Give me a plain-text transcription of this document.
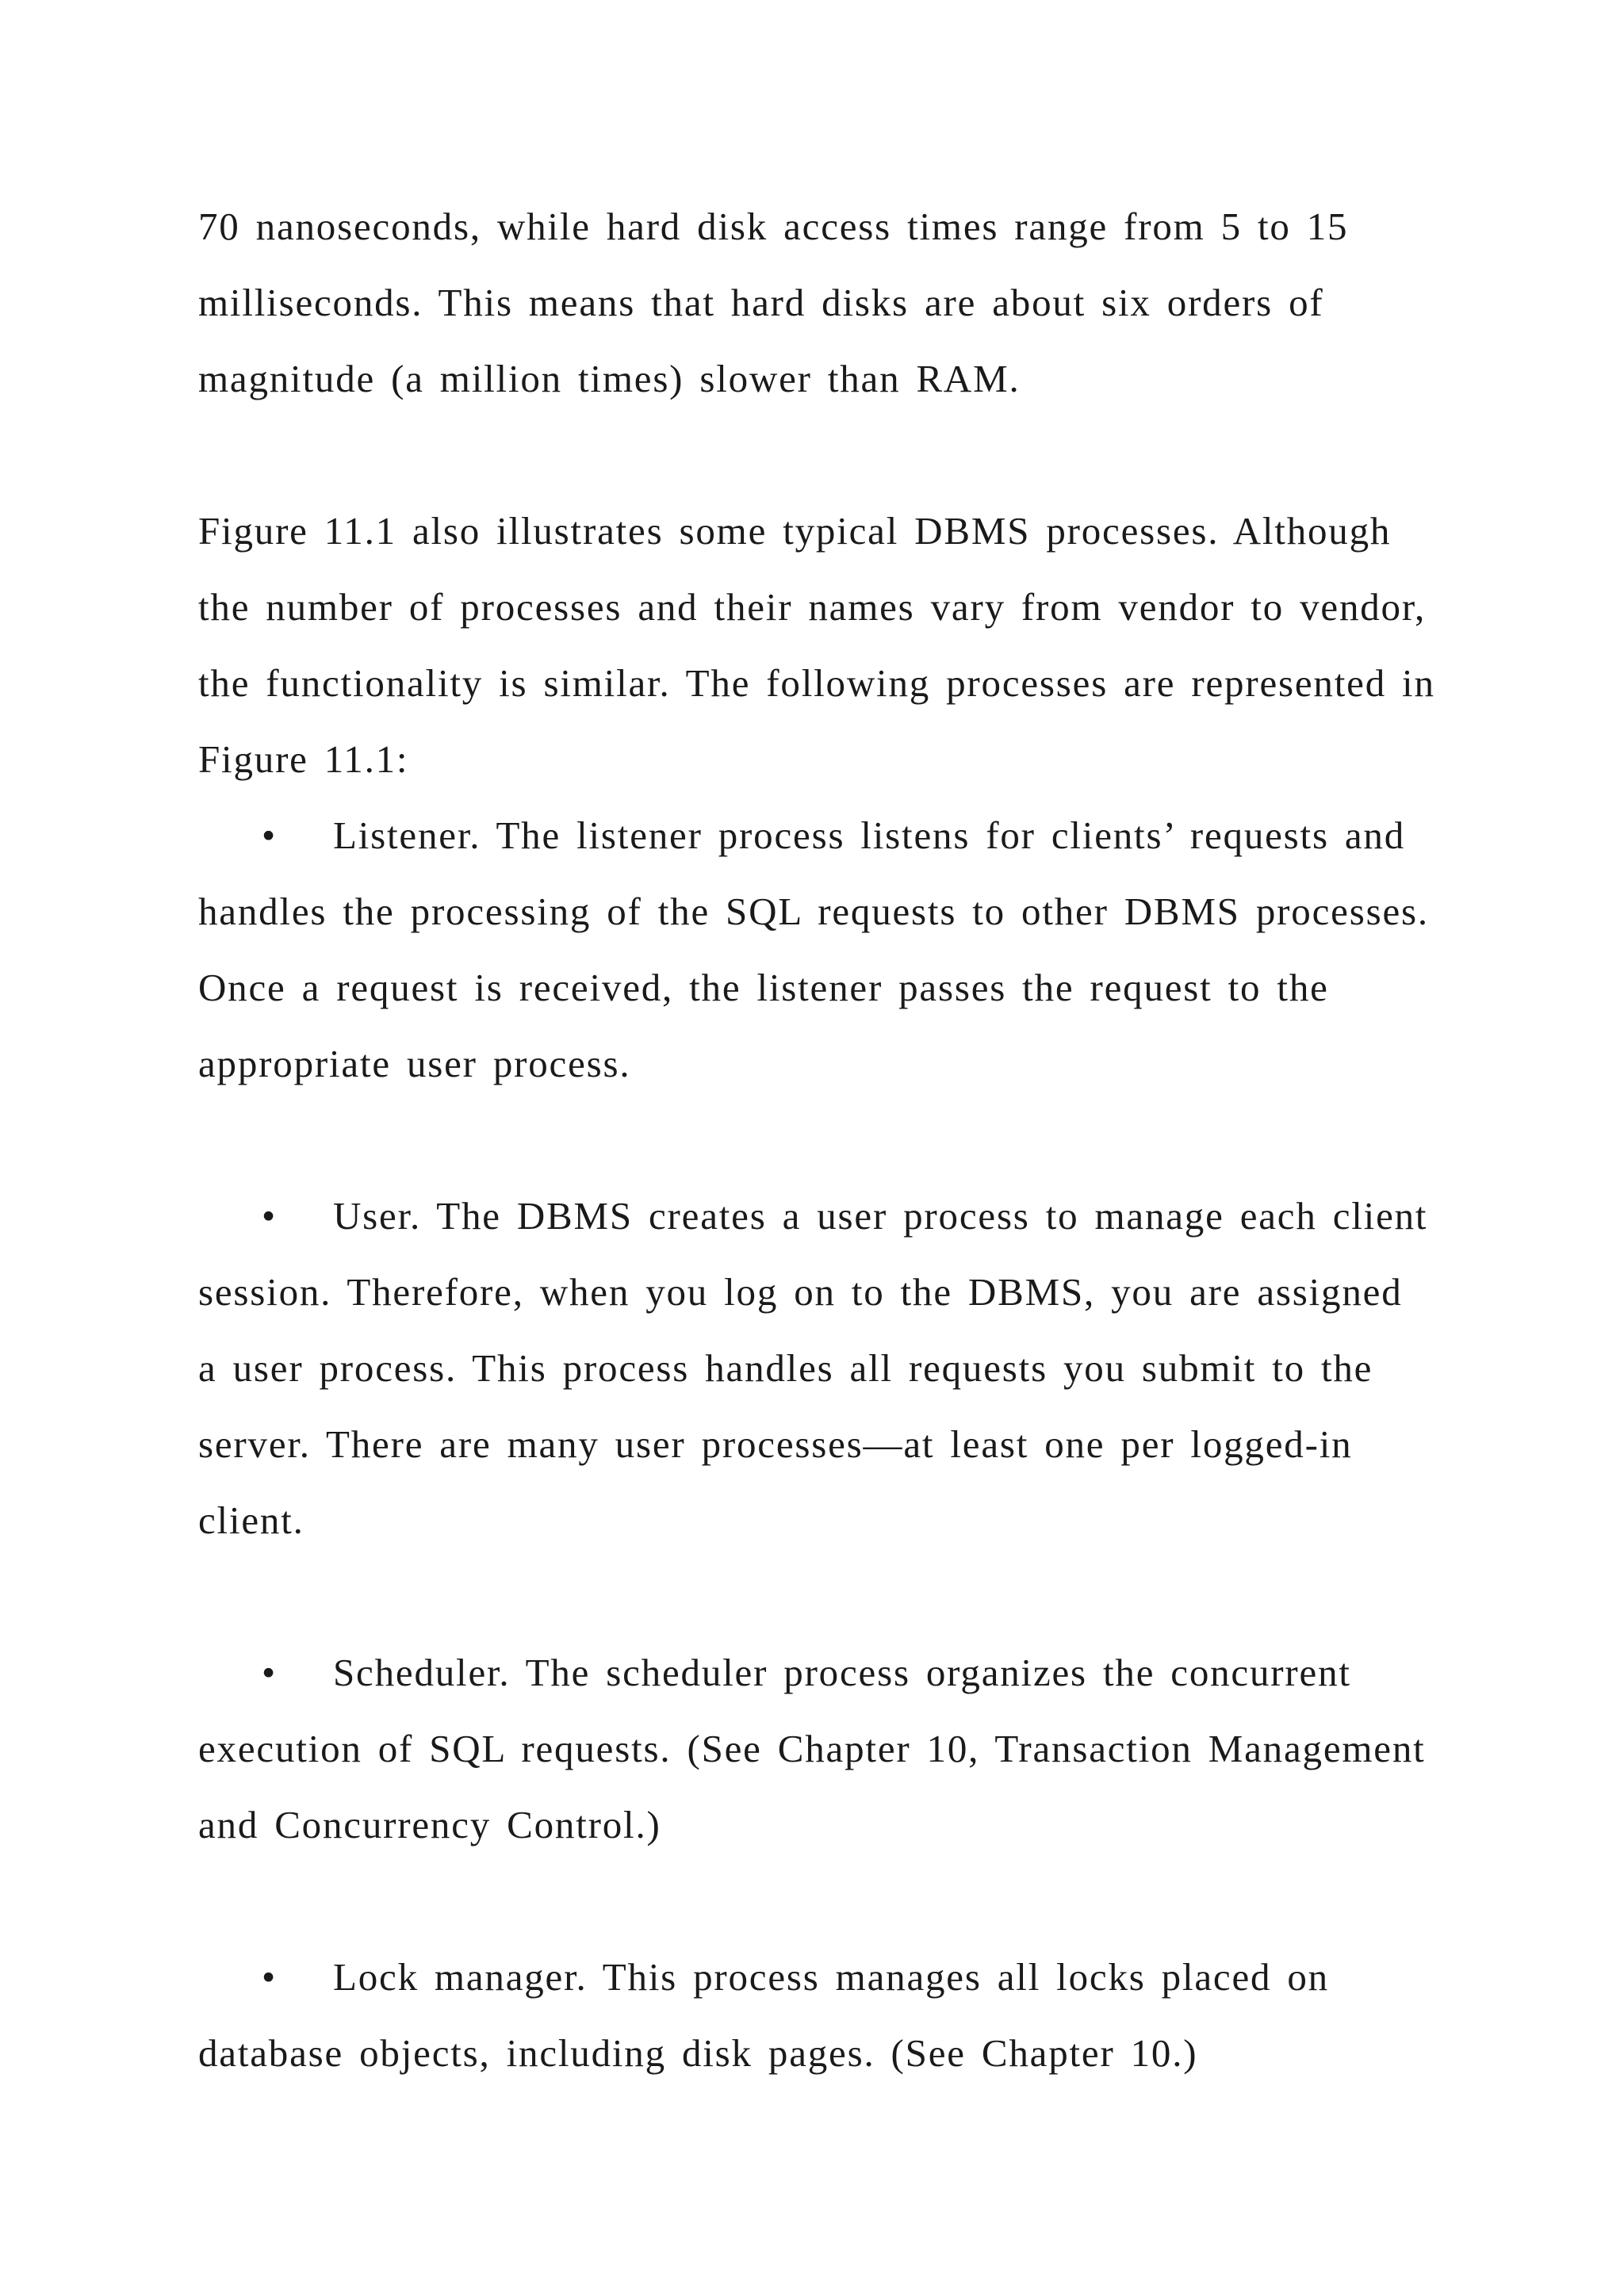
70 nanoseconds, while hard disk access times range from 5 to 15 milliseconds. This means that hard disks are about six orders of magnitude (a million times) slower than RAM.

Figure 11.1 also illustrates some typical DBMS processes. Although the number of processes and their names vary from vendor to vendor, the functionality is similar. The following processes are represented in Figure 11.1:

• Listener. The listener process listens for clients’ requests and handles the processing of the SQL requests to other DBMS processes. Once a request is received, the listener passes the request to the appropriate user process.

• User. The DBMS creates a user process to manage each client session. Therefore, when you log on to the DBMS, you are assigned a user process. This process handles all requests you submit to the server. There are many user processes—at least one per logged-in client.

• Scheduler. The scheduler process organizes the concurrent execution of SQL requests. (See Chapter 10, Transaction Management and Concurrency Control.)

• Lock manager. This process manages all locks placed on database objects, including disk pages. (See Chapter 10.)
